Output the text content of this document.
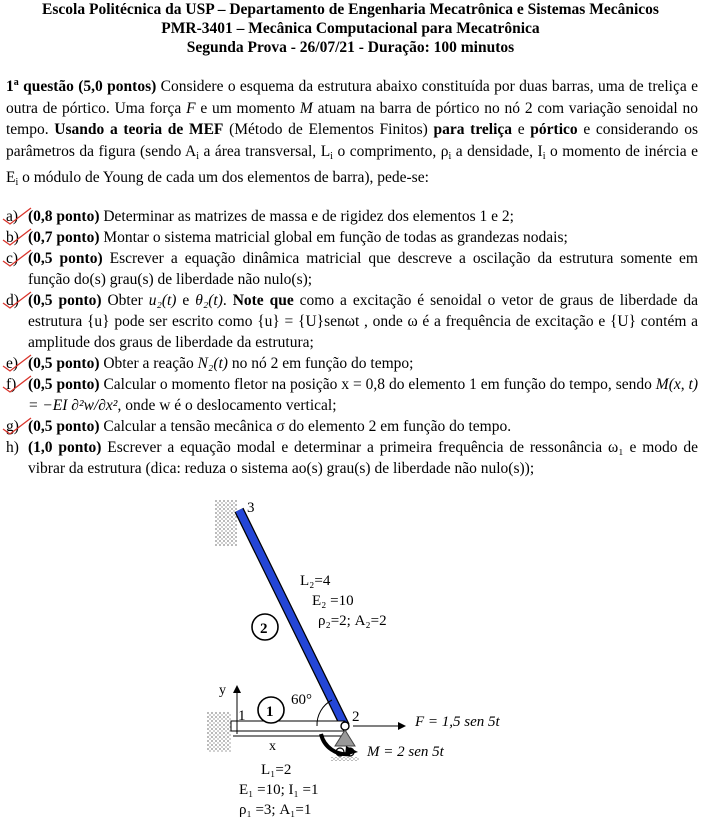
Escola Politécnica da USP – Departamento de Engenharia Mecatrônica e Sistemas Mecânicos
PMR-3401 – Mecânica Computacional para Mecatrônica
Segunda Prova - 26/07/21 - Duração: 100 minutos

1$^a$ questão (5,0 pontos) Considere o esquema da estrutura abaixo constituída por duas barras, uma de treliça e outra de pórtico. Uma força F e um momento M atuam na barra de pórtico no nó 2 com variação senoidal no tempo. Usando a teoria de MEF (Método de Elementos Finitos) para treliça e pórtico e considerando os parâmetros da figura (sendo $A_i$ a área transversal, $L_i$ o comprimento, $\rho_i$ a densidade, $I_i$ o momento de inércia e $E_i$ o módulo de Young de cada um dos elementos de barra), pede-se:

a) (0,8 ponto) Determinar as matrizes de massa e de rigidez dos elementos 1 e 2;
b) (0,7 ponto) Montar o sistema matricial global em função de todas as grandezas nodais;
c) (0,5 ponto) Escrever a equação dinâmica matricial que descreve a oscilação da estrutura somente em função do(s) grau(s) de liberdade não nulo(s);
d) (0,5 ponto) Obter u₂(t) e θ₂(t). Note que como a excitação é senoidal o vetor de graus de liberdade da estrutura {u} pode ser escrito como {u} = {U}senωt , onde ω é a frequência de excitação e {U} contém a amplitude dos graus de liberdade da estrutura;
e) (0,5 ponto) Obter a reação N₂(t) no nó 2 em função do tempo;
f) (0,5 ponto) Calcular o momento fletor na posição x = 0,8 do elemento 1 em função do tempo, sendo M(x, t) = −EI ∂²w/∂x², onde w é o deslocamento vertical;
g) (0,5 ponto) Calcular a tensão mecânica σ do elemento 2 em função do tempo.
h) (1,0 ponto) Escrever a equação modal e determinar a primeira frequência de ressonância ω₁ e modo de vibrar da estrutura (dica: reduza o sistema ao(s) grau(s) de liberdade não nulo(s));
y
x
3
1	2
2
1
60°
F = 1,5 sen 5t
M = 2 sen 5t
L₂=4
E₂ =10
ρ₂=2; A₂=2
L₁=2
E₁ =10; I₁ =1
ρ₁ =3; A₁=1
